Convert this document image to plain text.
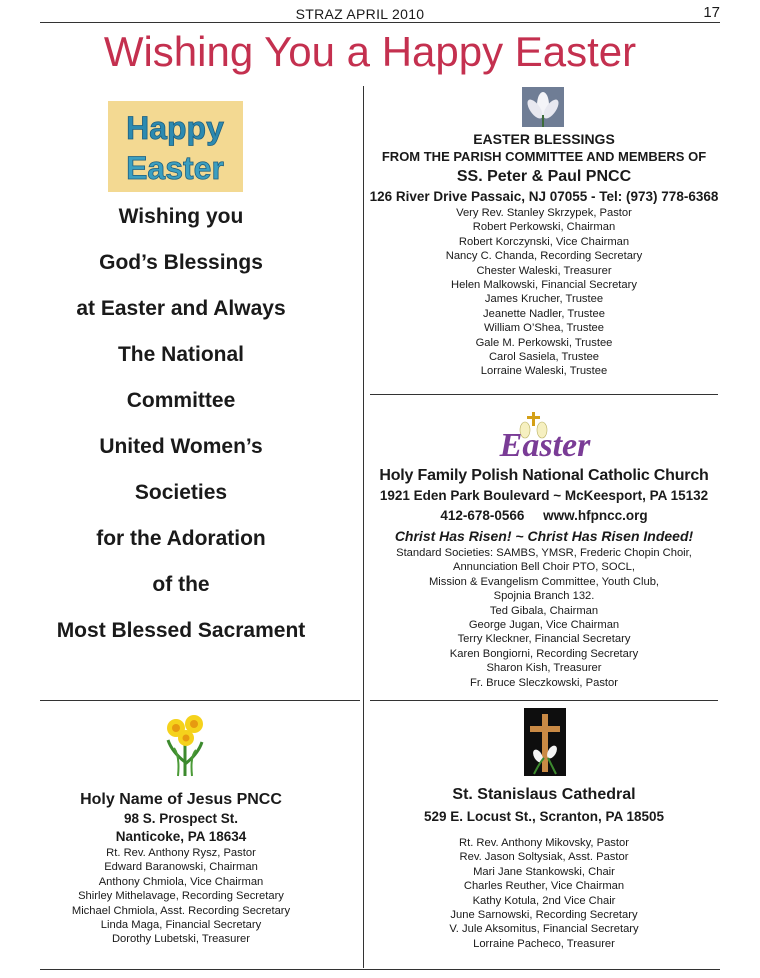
STRAZ APRIL 2010	17
Wishing You a Happy Easter
Happy
Easter
Wishing you
God’s Blessings
at Easter and Always
The National
Committee
United Women’s
Societies
for the Adoration
of the
Most Blessed Sacrament
EASTER BLESSINGS
FROM THE PARISH COMMITTEE AND MEMBERS OF
SS. Peter & Paul PNCC
126 River Drive Passaic, NJ 07055 - Tel: (973) 778-6368
Very Rev. Stanley Skrzypek, Pastor
Robert Perkowski, Chairman
Robert Korczynski, Vice Chairman
Nancy C. Chanda, Recording Secretary
Chester Waleski, Treasurer
Helen Malkowski, Financial Secretary
James Krucher, Trustee
Jeanette Nadler, Trustee
William O’Shea, Trustee
Gale M. Perkowski, Trustee
Carol Sasiela, Trustee
Lorraine Waleski, Trustee
Easter
Holy Family Polish National Catholic Church
1921 Eden Park Boulevard ~ McKeesport, PA 15132
412-678-0566     www.hfpncc.org
Christ Has Risen! ~ Christ Has Risen Indeed!
Standard Societies: SAMBS, YMSR, Frederic Chopin Choir,
Annunciation Bell Choir PTO, SOCL,
Mission & Evangelism Committee, Youth Club,
Spojnia Branch 132.
Ted Gibala, Chairman
George Jugan, Vice Chairman
Terry Kleckner, Financial Secretary
Karen Bongiorni, Recording Secretary
Sharon Kish, Treasurer
Fr. Bruce Sleczkowski, Pastor
Holy Name of Jesus PNCC
98 S. Prospect St.
Nanticoke, PA 18634
Rt. Rev. Anthony Rysz, Pastor
Edward Baranowski, Chairman
Anthony Chmiola, Vice Chairman
Shirley Mithelavage, Recording Secretary
Michael Chmiola, Asst. Recording Secretary
Linda Maga, Financial Secretary
Dorothy Lubetski, Treasurer
St. Stanislaus Cathedral
529 E. Locust St., Scranton, PA 18505
Rt. Rev. Anthony Mikovsky, Pastor
Rev. Jason Soltysiak, Asst. Pastor
Mari Jane Stankowski, Chair
Charles Reuther, Vice Chairman
Kathy Kotula, 2nd Vice Chair
June Sarnowski, Recording Secretary
V. Jule Aksomitus, Financial Secretary
Lorraine Pacheco, Treasurer
